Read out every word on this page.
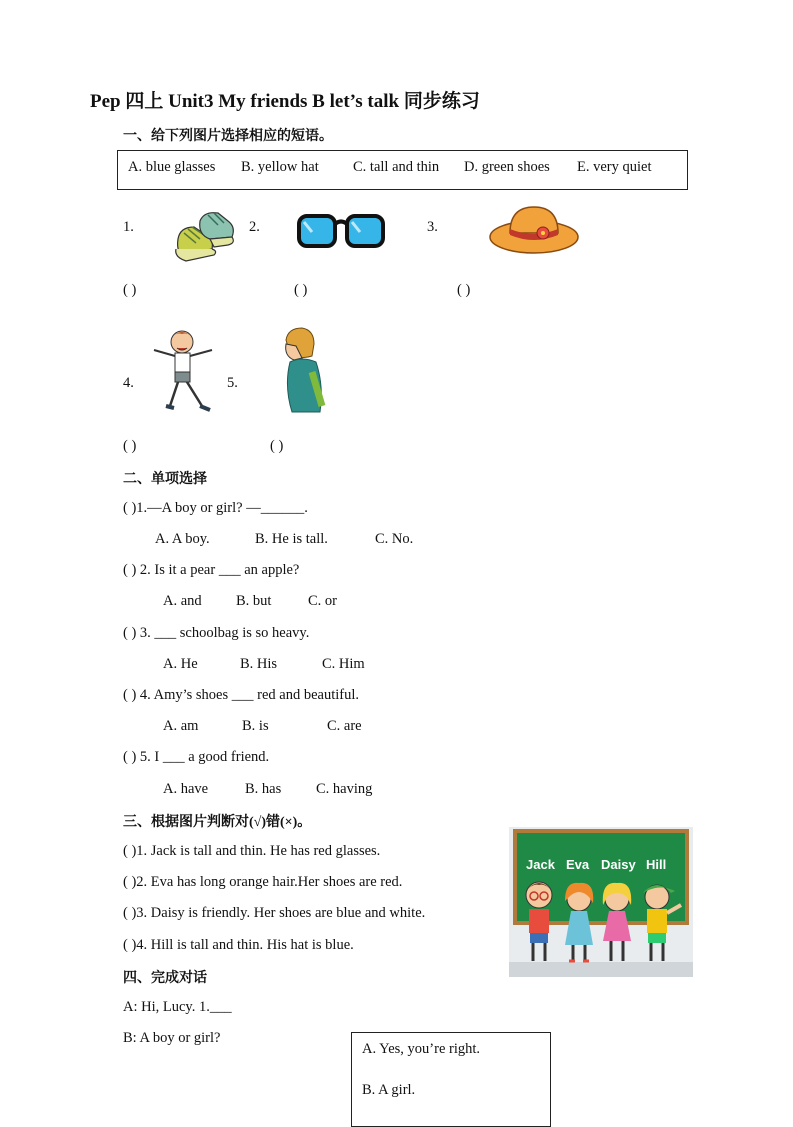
Pep 四上 Unit3 My friends B let’s talk 同步练习
一、给下列图片选择相应的短语。
A. blue glasses B. yellow hat C. tall and thin D. green shoes E. very quiet
1.	2.	3.
( )	( )	( )
4.	5.
( )	( )
二、单项选择
( )1.—A boy or girl? —______.
A. A boy.	B. He is tall.	C. No.
( ) 2. Is it a pear ___ an apple?
A. and B. but	C. or
( ) 3. ___ schoolbag is so heavy.
A. He	B. His	C. Him
( ) 4. Amy’s shoes ___ red and beautiful.
A. am	B. is	C. are
( ) 5. I ___ a good friend.
A. have	B. has C. having
三、根据图片判断对(√)错(×)。
( )1. Jack is tall and thin. He has red glasses.
( )2. Eva has long orange hair.Her shoes are red.
( )3. Daisy is friendly. Her shoes are blue and white.
( )4. Hill is tall and thin. His hat is blue.
Jack Eva Daisy Hill
四、完成对话
A: Hi, Lucy. 1.___
B: A boy or girl?
A. Yes, you’re right.
B. A girl.
